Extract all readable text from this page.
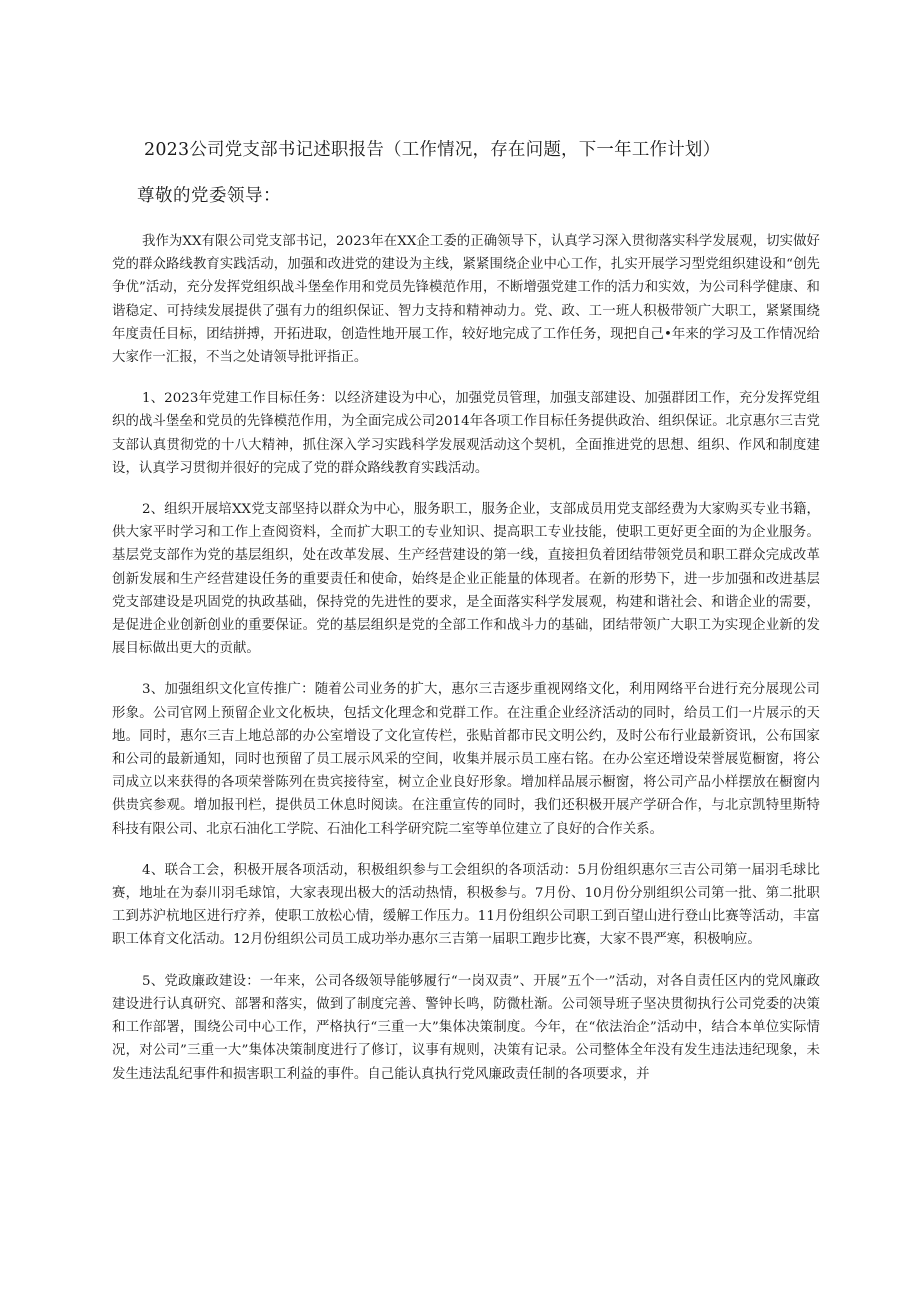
2023公司党支部书记述职报告（工作情况，存在问题，下一年工作计划）
尊敬的党委领导：

我作为XX有限公司党支部书记，2023年在XX企工委的正确领导下，认真学习深入贯彻落实科学发展观，切实做好党的群众路线教育实践活动，加强和改进党的建设为主线，紧紧围绕企业中心工作，扎实开展学习型党组织建设和“创先争优”活动，充分发挥党组织战斗堡垒作用和党员先锋模范作用，不断增强党建工作的活力和实效，为公司科学健康、和谐稳定、可持续发展提供了强有力的组织保证、智力支持和精神动力。党、政、工一班人积极带领广大职工，紧紧围绕年度责任目标，团结拼搏，开拓进取，创造性地开展工作，较好地完成了工作任务，现把自己•年来的学习及工作情况给大家作一汇报，不当之处请领导批评指正。

1、2023年党建工作目标任务：以经济建设为中心，加强党员管理，加强支部建设、加强群团工作，充分发挥党组织的战斗堡垒和党员的先锋模范作用，为全面完成公司2014年各项工作目标任务提供政治、组织保证。北京惠尔三吉党支部认真贯彻党的十八大精神，抓住深入学习实践科学发展观活动这个契机，全面推进党的思想、组织、作风和制度建设，认真学习贯彻并很好的完成了党的群众路线教育实践活动。

2、组织开展培XX党支部坚持以群众为中心，服务职工，服务企业，支部成员用党支部经费为大家购买专业书籍，供大家平时学习和工作上查阅资料，全而扩大职工的专业知识、提高职工专业技能，使职工更好更全面的为企业服务。基层党支部作为党的基层组织，处在改革发展、生产经营建设的第一线，直接担负着团结带领党员和职工群众完成改革创新发展和生产经营建设任务的重要责任和使命，始终是企业正能量的体现者。在新的形势下，进一步加强和改进基层党支部建设是巩固党的执政基础，保持党的先进性的要求，是全面落实科学发展观，构建和谐社会、和谐企业的需要，是促进企业创新创业的重要保证。党的基层组织是党的全部工作和战斗力的基础，团结带领广大职工为实现企业新的发展目标做出更大的贡献。

3、加强组织文化宣传推广：随着公司业务的扩大，惠尔三吉逐步重视网络文化，利用网络平台进行充分展现公司形象。公司官网上预留企业文化板块，包括文化理念和党群工作。在注重企业经济活动的同时，给员工们一片展示的天地。同时，惠尔三吉上地总部的办公室增设了文化宣传栏，张贴首都市民文明公约，及时公布行业最新资讯，公布国家和公司的最新通知，同时也预留了员工展示风采的空间，收集并展示员工座右铭。在办公室还增设荣誉展览橱窗，将公司成立以来获得的各项荣誉陈列在贵宾接待室，树立企业良好形象。增加样品展示橱窗，将公司产品小样摆放在橱窗内供贵宾参观。增加报刊栏，提供员工休息时阅读。在注重宣传的同时，我们还积极开展产学研合作，与北京凯特里斯特科技有限公司、北京石油化工学院、石油化工科学研究院二室等单位建立了良好的合作关系。

4、联合工会，积极开展各项活动，积极组织参与工会组织的各项活动：5月份组织惠尔三吉公司第一届羽毛球比赛，地址在为泰川羽毛球馆，大家表现出极大的活动热情，积极参与。7月份、10月份分别组织公司第一批、第二批职工到苏沪杭地区进行疗养，使职工放松心情，缓解工作压力。11月份组织公司职工到百望山进行登山比赛等活动，丰富职工体育文化活动。12月份组织公司员工成功举办惠尔三吉第一届职工跑步比赛，大家不畏严寒，积极响应。

5、党政廉政建设：一年来，公司各级领导能够履行“一岗双责”、开展”五个一”活动，对各自责任区内的党风廉政建设进行认真研究、部署和落实，做到了制度完善、警钟长鸣，防微杜渐。公司领导班子坚决贯彻执行公司党委的决策和工作部署，围绕公司中心工作，严格执行“三重一大”集体决策制度。今年，在“依法治企”活动中，结合本单位实际情况，对公司”三重一大”集体决策制度进行了修订，议事有规则，决策有记录。公司整体全年没有发生违法违纪现象，未发生违法乱纪事件和损害职工利益的事件。自己能认真执行党风廉政责任制的各项要求，并
